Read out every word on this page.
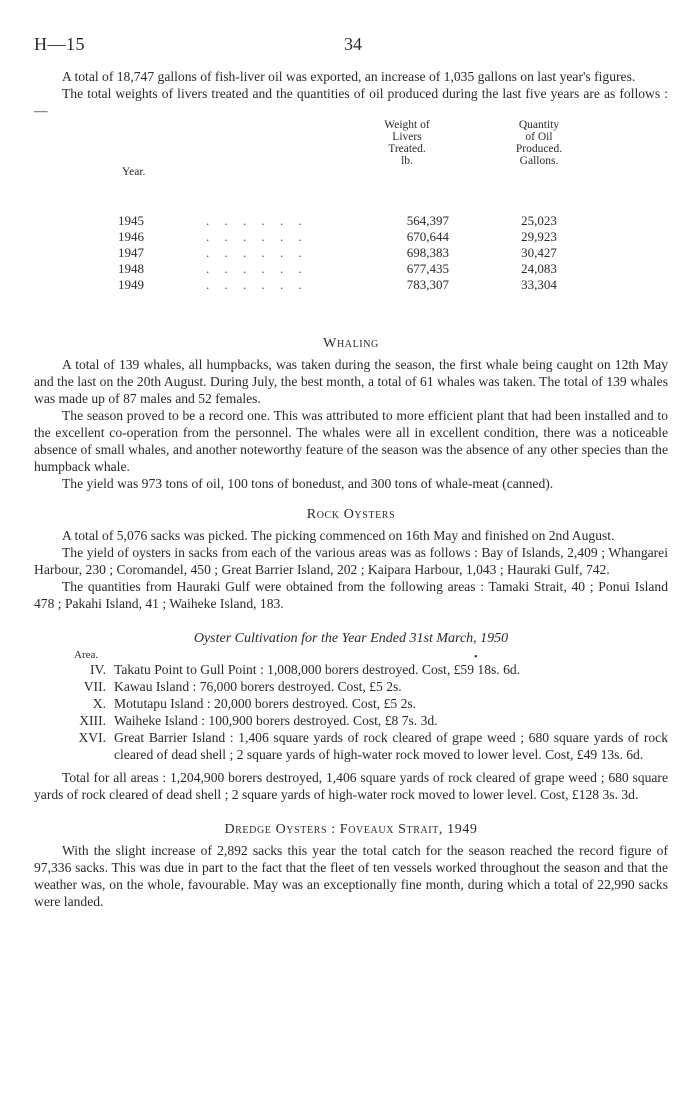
H—15	34

A total of 18,747 gallons of fish-liver oil was exported, an increase of 1,035 gallons on last year's figures.

The total weights of livers treated and the quantities of oil produced during the last five years are as follows :—

Weight of
Livers
Treated.
lb.
Quantity
of Oil
Produced.
Gallons.
Year.
1945	. . . . . .	564,397	25,023
1946	. . . . . .	670,644	29,923
1947	. . . . . .	698,383	30,427
1948	. . . . . .	677,435	24,083
1949	. . . . . .	783,307	33,304
Whaling

A total of 139 whales, all humpbacks, was taken during the season, the first whale being caught on 12th May and the last on the 20th August. During July, the best month, a total of 61 whales was taken. The total of 139 whales was made up of 87 males and 52 females.

The season proved to be a record one. This was attributed to more efficient plant that had been installed and to the excellent co-operation from the personnel. The whales were all in excellent condition, there was a noticeable absence of small whales, and another noteworthy feature of the season was the absence of any other species than the humpback whale.

The yield was 973 tons of oil, 100 tons of bonedust, and 300 tons of whale-meat (canned).

Rock Oysters

A total of 5,076 sacks was picked. The picking commenced on 16th May and finished on 2nd August.

The yield of oysters in sacks from each of the various areas was as follows : Bay of Islands, 2,409 ; Whangarei Harbour, 230 ; Coromandel, 450 ; Great Barrier Island, 202 ; Kaipara Harbour, 1,043 ; Hauraki Gulf, 742.

The quantities from Hauraki Gulf were obtained from the following areas : Tamaki Strait, 40 ; Ponui Island 478 ; Pakahi Island, 41 ; Waiheke Island, 183.

Oyster Cultivation for the Year Ended 31st March, 1950
Area.	•
IV. Takatu Point to Gull Point : 1,008,000 borers destroyed. Cost, £59 18s. 6d.
VII. Kawau Island : 76,000 borers destroyed. Cost, £5 2s.
X. Motutapu Island : 20,000 borers destroyed. Cost, £5 2s.
XIII. Waiheke Island : 100,900 borers destroyed. Cost, £8 7s. 3d.
XVI. Great Barrier Island : 1,406 square yards of rock cleared of grape weed ; 680 square yards of rock cleared of dead shell ; 2 square yards of high-water rock moved to lower level. Cost, £49 13s. 6d.

Total for all areas : 1,204,900 borers destroyed, 1,406 square yards of rock cleared of grape weed ; 680 square yards of rock cleared of dead shell ; 2 square yards of high-water rock moved to lower level. Cost, £128 3s. 3d.

Dredge Oysters : Foveaux Strait, 1949

With the slight increase of 2,892 sacks this year the total catch for the season reached the record figure of 97,336 sacks. This was due in part to the fact that the fleet of ten vessels worked throughout the season and that the weather was, on the whole, favourable. May was an exceptionally fine month, during which a total of 22,990 sacks were landed.
